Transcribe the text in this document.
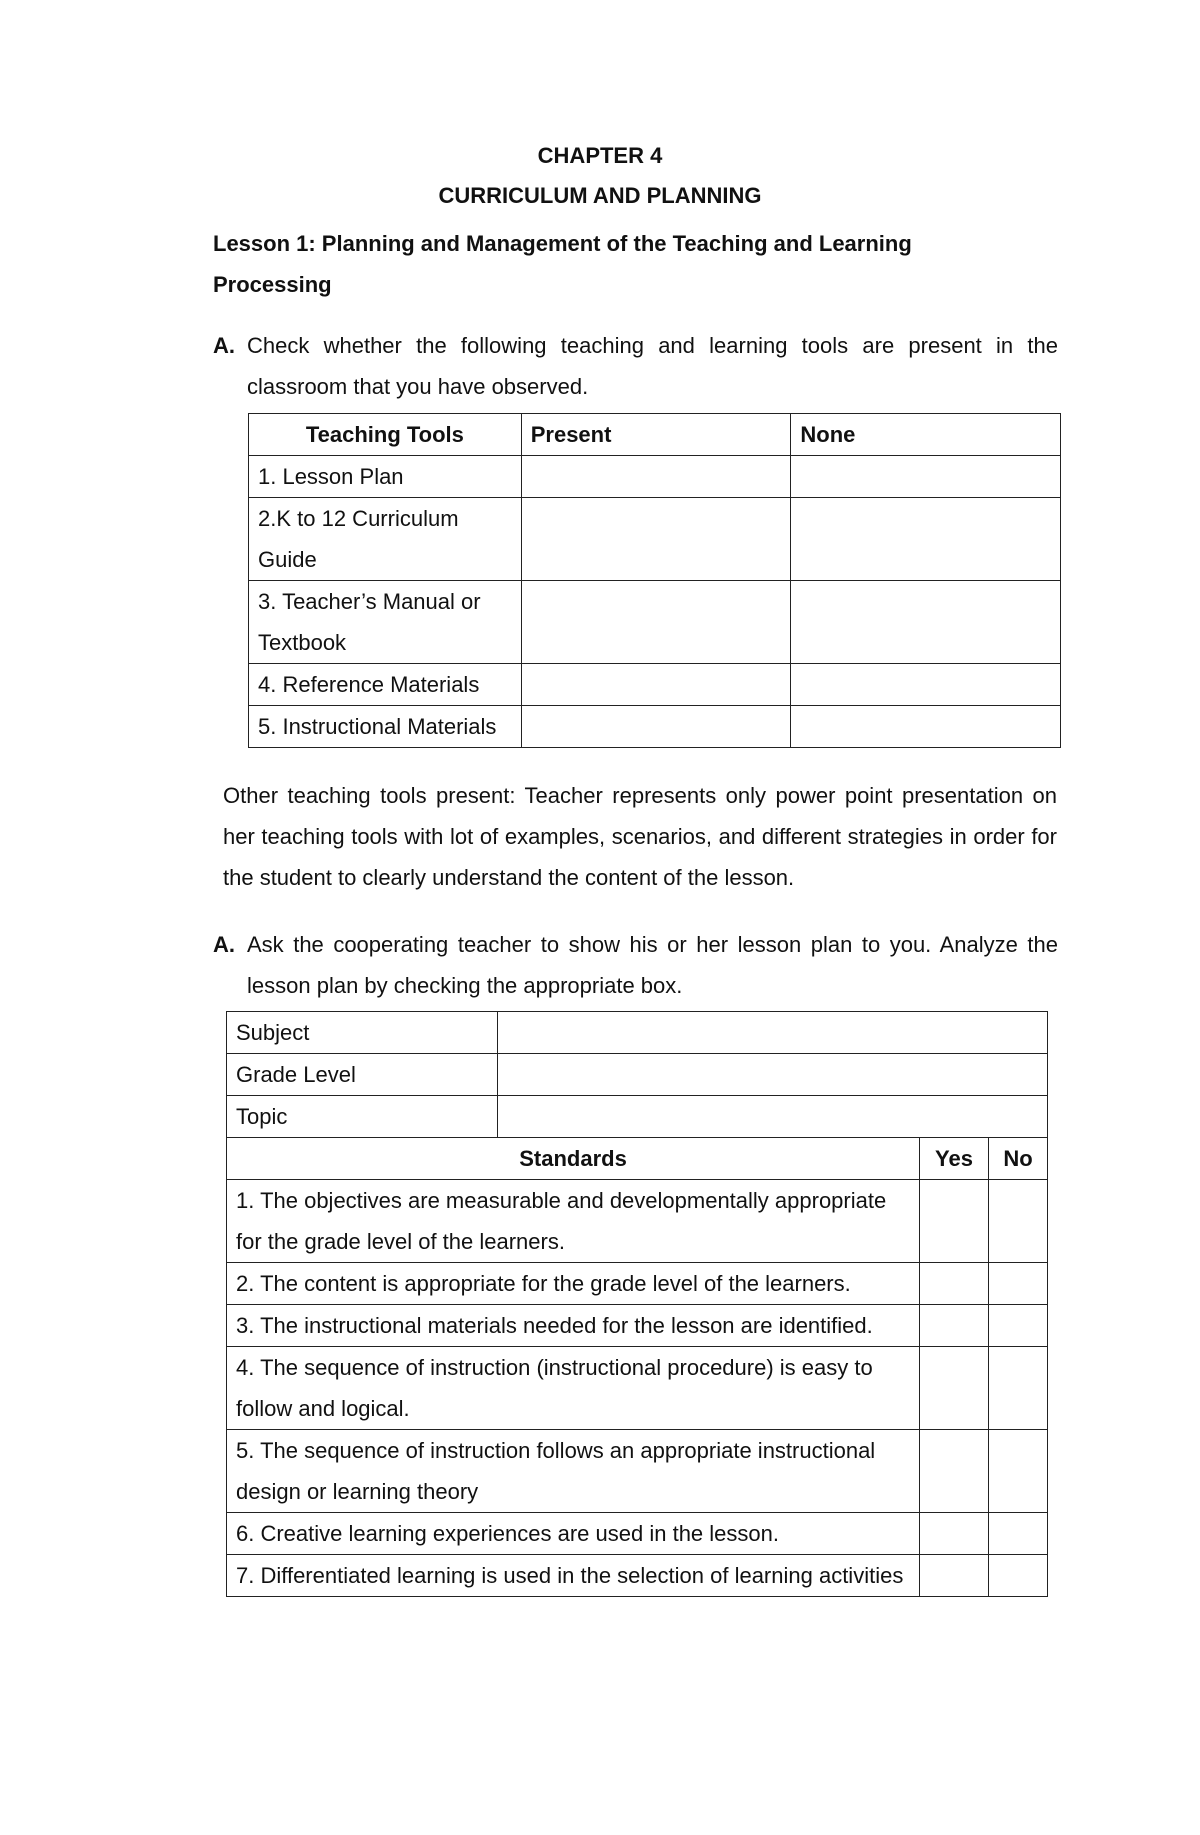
CHAPTER 4
CURRICULUM AND PLANNING
Lesson 1: Planning and Management of the Teaching and Learning Processing
A. Check whether the following teaching and learning tools are present in the classroom that you have observed.
Teaching Tools	Present	None
1. Lesson Plan		
2.K to 12 Curriculum Guide		
3. Teacher’s Manual or Textbook		
4. Reference Materials		
5. Instructional Materials		
Other teaching tools present: Teacher represents only power point presentation on her teaching tools with lot of examples, scenarios, and different strategies in order for the student to clearly understand the content of the lesson.
A. Ask the cooperating teacher to show his or her lesson plan to you. Analyze the lesson plan by checking the appropriate box.
Subject	
Grade Level	
Topic	

Standards	Yes	No
1. The objectives are measurable and developmentally appropriate for the grade level of the learners.		
2. The content is appropriate for the grade level of the learners.		
3. The instructional materials needed for the lesson are identified.		
4. The sequence of instruction (instructional procedure) is easy to follow and logical.		
5. The sequence of instruction follows an appropriate instructional design or learning theory		
6. Creative learning experiences are used in the lesson.		
7. Differentiated learning is used in the selection of learning activities		
